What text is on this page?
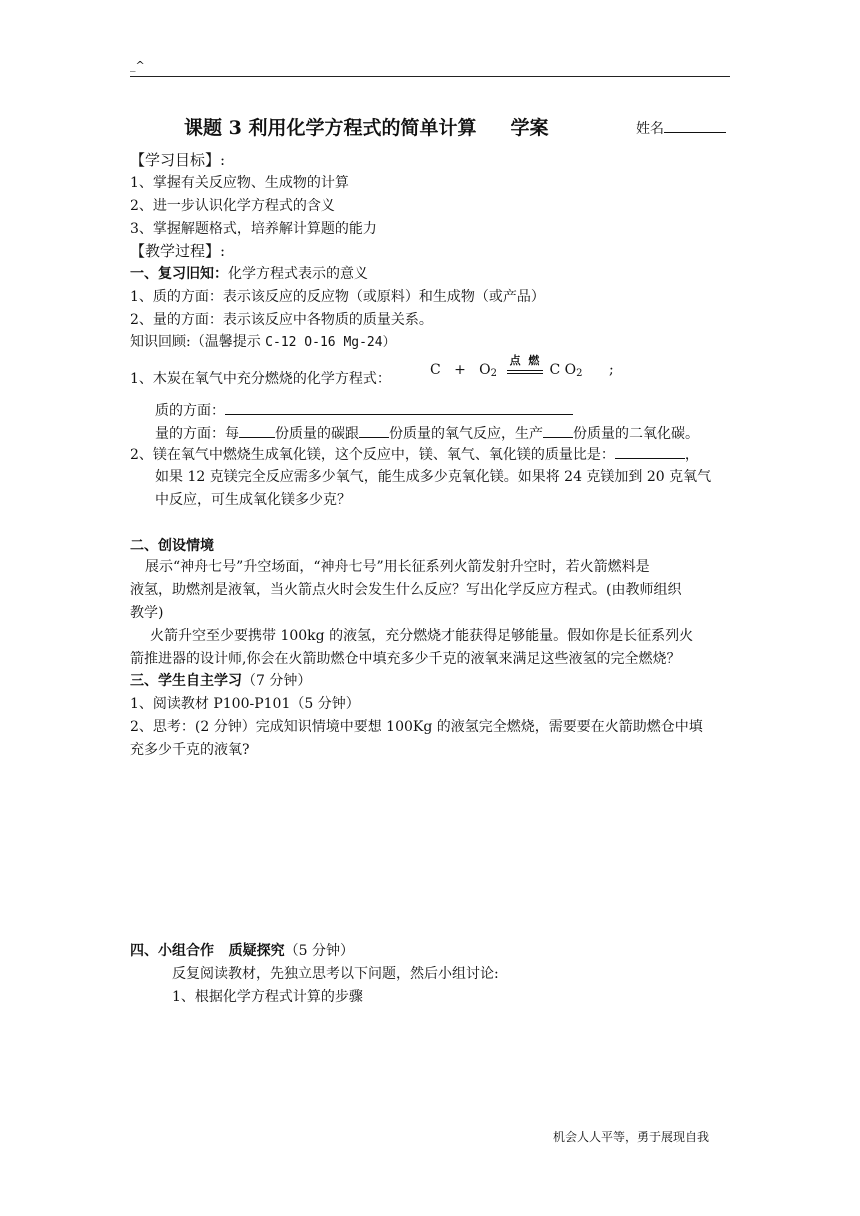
_^
课题 3 利用化学方程式的简单计算 学案	姓名
【学习目标】:
1、掌握有关反应物、生成物的计算
2、进一步认识化学方程式的含义
3、掌握解题格式，培养解计算题的能力
【教学过程】:
一、复习旧知：化学方程式表示的意义
1、质的方面：表示该反应的反应物（或原料）和生成物（或产品）
2、量的方面：表示该反应中各物质的质量关系。
知识回顾:（温馨提示 C-12 O-16 Mg-24）
1、木炭在氧气中充分燃烧的化学方程式：
$C + O_2$
点 燃
C $O_2$ ;
质的方面：
量的方面：每	份质量的碳跟 份质量的氧气反应，生产 份质量的二氧化碳。
2、镁在氧气中燃烧生成氧化镁，这个反应中，镁、氧气、氧化镁的质量比是：	，
如果 12 克镁完全反应需多少氧气，能生成多少克氧化镁。如果将 24 克镁加到 20 克氧气
中反应，可生成氧化镁多少克？
二、创设情境
展示“神舟七号”升空场面，“神舟七号”用长征系列火箭发射升空时，若火箭燃料是
液氢，助燃剂是液氧，当火箭点火时会发生什么反应？写出化学反应方程式。(由教师组织
教学)
火箭升空至少要携带 100kg 的液氢，充分燃烧才能获得足够能量。假如你是长征系列火
箭推进器的设计师,你会在火箭助燃仓中填充多少千克的液氧来满足这些液氢的完全燃烧？
三、学生自主学习（7 分钟）
1、阅读教材 P100-P101（5 分钟）
2、思考：(2 分钟）完成知识情境中要想 100Kg 的液氢完全燃烧，需要要在火箭助燃仓中填
充多少千克的液氧?
四、小组合作   质疑探究（5 分钟）
反复阅读教材，先独立思考以下问题，然后小组讨论:
1、根据化学方程式计算的步骤
机会人人平等，勇于展现自我
